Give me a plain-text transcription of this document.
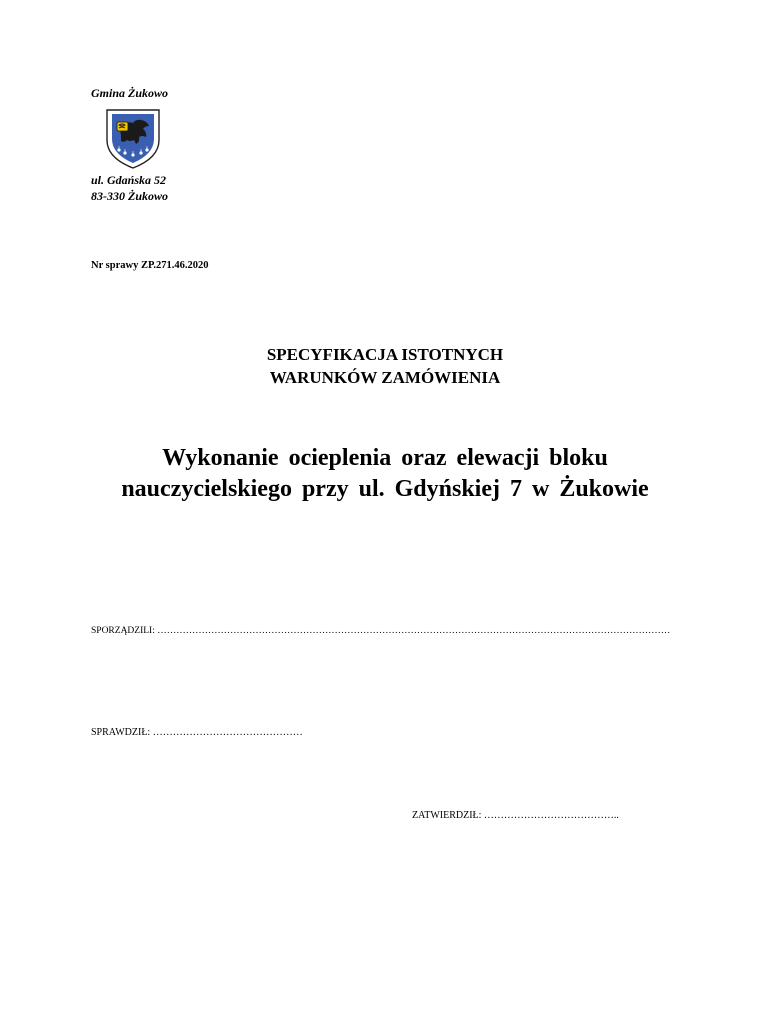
Gmina Żukowo
ul. Gdańska 52
83-330 Żukowo
Nr sprawy ZP.271.46.2020
SPECYFIKACJA ISTOTNYCH
WARUNKÓW ZAMÓWIENIA
Wykonanie ocieplenia oraz elewacji bloku
nauczycielskiego przy ul. Gdyńskiej 7 w Żukowie
SPORZĄDZILI: ………………………………………………………………………………………………………………………………………………
SPRAWDZIŁ: ………………………………………
ZATWIERDZIŁ: …………………………………..
